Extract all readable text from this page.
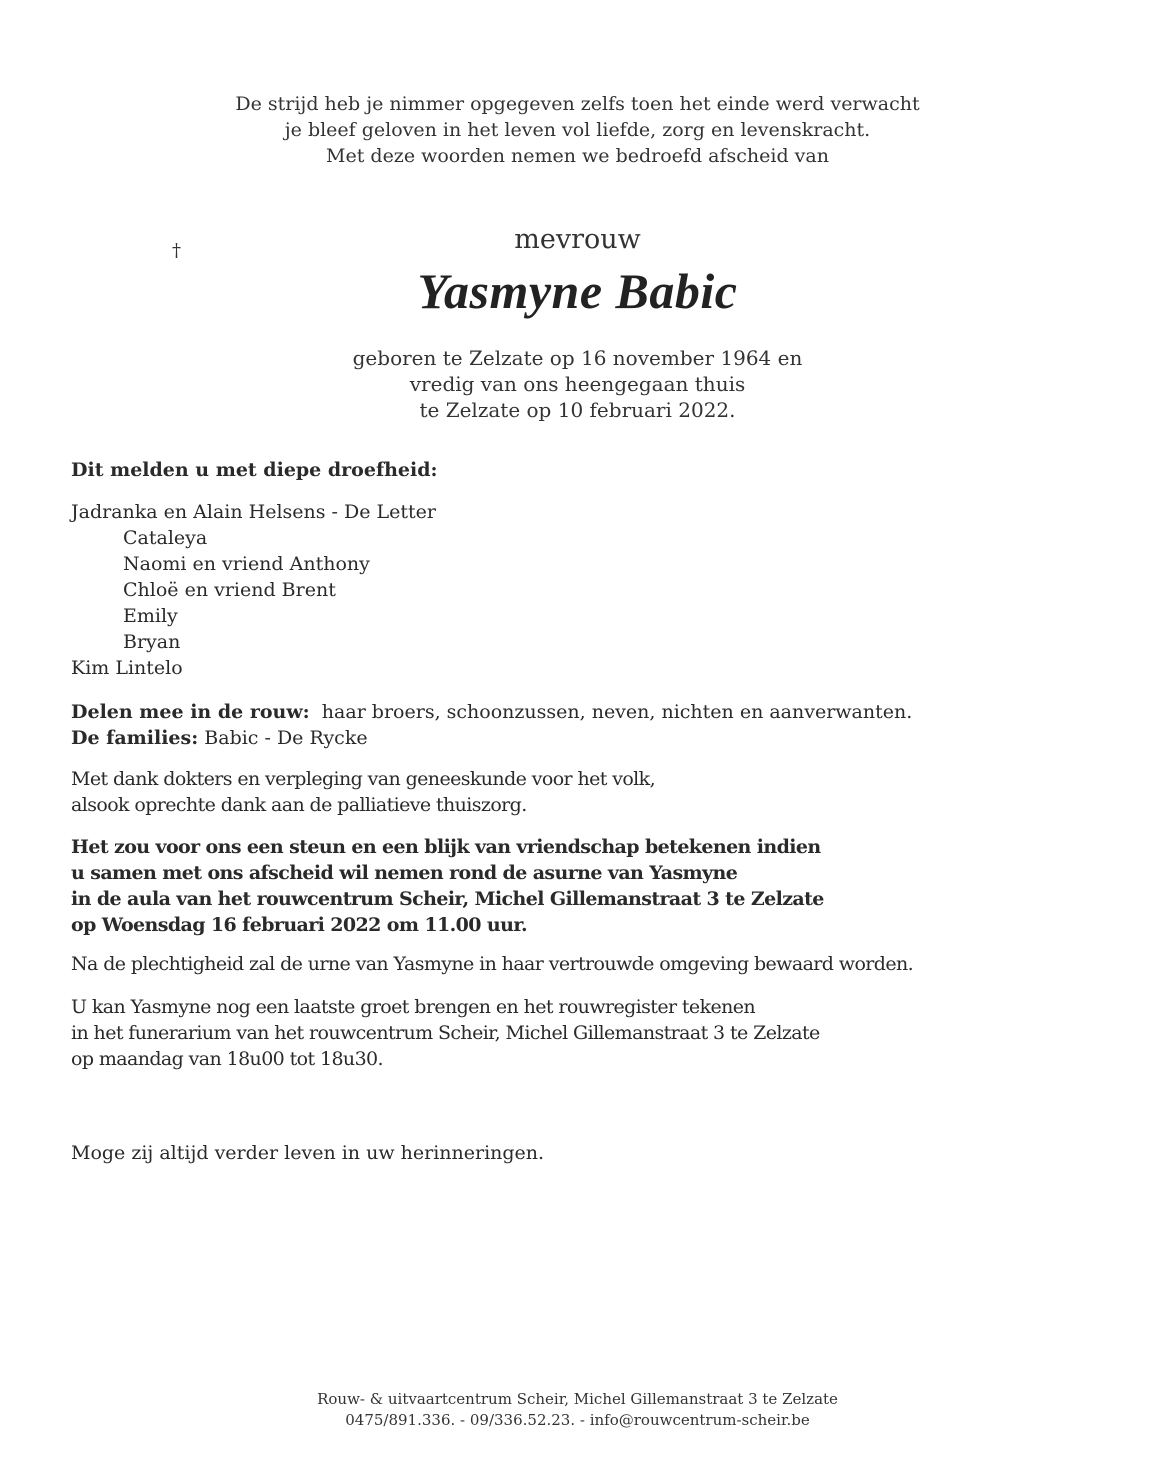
De strijd heb je nimmer opgegeven zelfs toen het einde werd verwacht
je bleef geloven in het leven vol liefde, zorg en levenskracht.
Met deze woorden nemen we bedroefd afscheid van
†	mevrouw
Yasmyne Babic
geboren te Zelzate op 16 november 1964 en
vredig van ons heengegaan thuis
te Zelzate op 10 februari 2022.
Dit melden u met diepe droefheid:
Jadranka en Alain Helsens - De Letter
Cataleya
Naomi en vriend Anthony
Chloë en vriend Brent
Emily
Bryan
Kim Lintelo
Delen mee in de rouw: haar broers, schoonzussen, neven, nichten en aanverwanten.
De families: Babic - De Rycke
Met dank dokters en verpleging van geneeskunde voor het volk,
alsook oprechte dank aan de palliatieve thuiszorg.
Het zou voor ons een steun en een blijk van vriendschap betekenen indien
u samen met ons afscheid wil nemen rond de asurne van Yasmyne
in de aula van het rouwcentrum Scheir, Michel Gillemanstraat 3 te Zelzate
op Woensdag 16 februari 2022 om 11.00 uur.
Na de plechtigheid zal de urne van Yasmyne in haar vertrouwde omgeving bewaard worden.
U kan Yasmyne nog een laatste groet brengen en het rouwregister tekenen
in het funerarium van het rouwcentrum Scheir, Michel Gillemanstraat 3 te Zelzate
op maandag van 18u00 tot 18u30.
Moge zij altijd verder leven in uw herinneringen.
Rouw- & uitvaartcentrum Scheir, Michel Gillemanstraat 3 te Zelzate
0475/891.336. - 09/336.52.23. - info@rouwcentrum-scheir.be
